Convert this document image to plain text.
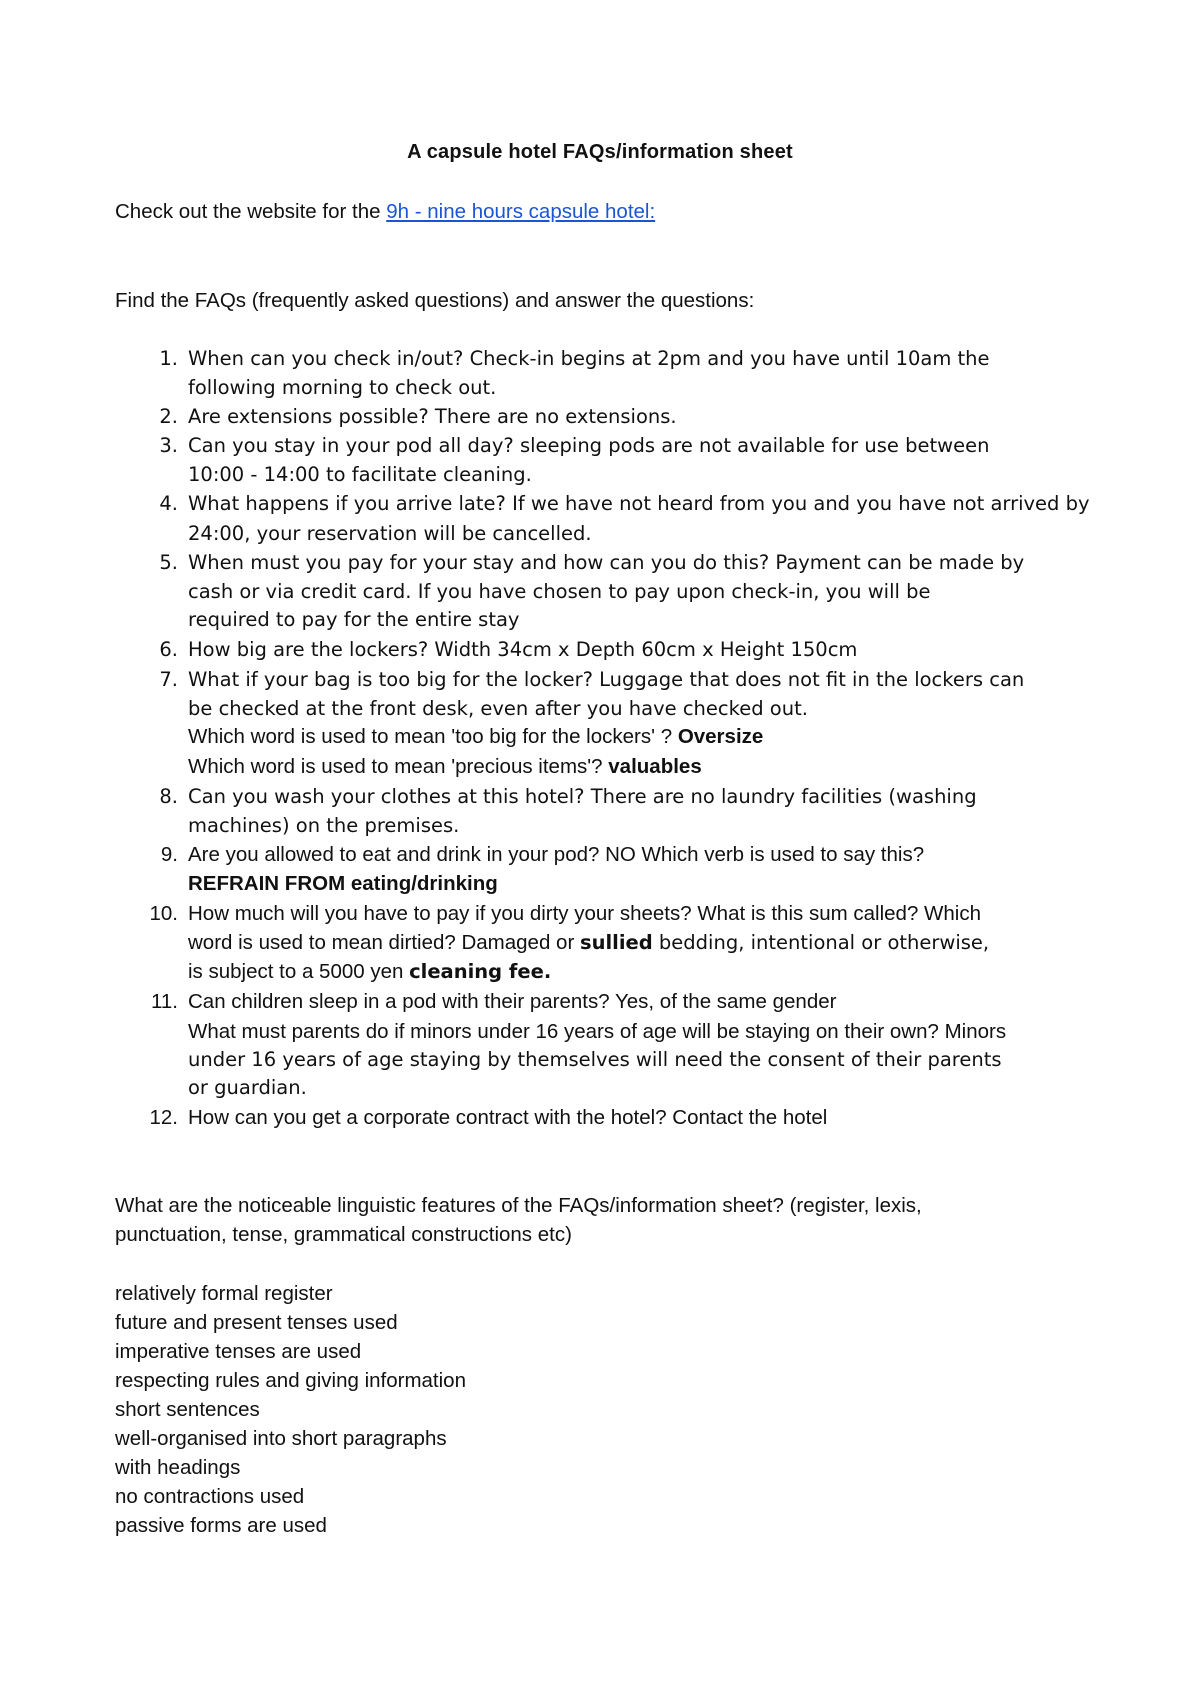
A capsule hotel FAQs/information sheet
Check out the website for the 9h - nine hours capsule hotel:
Find the FAQs (frequently asked questions) and answer the questions:
1. When can you check in/out? Check-in begins at 2pm and you have until 10am the
following morning to check out.
2. Are extensions possible? There are no extensions.
3. Can you stay in your pod all day? sleeping pods are not available for use between
10:00 - 14:00 to facilitate cleaning.
4. What happens if you arrive late? If we have not heard from you and you have not arrived by
24:00, your reservation will be cancelled.
5. When must you pay for your stay and how can you do this? Payment can be made by
cash or via credit card. If you have chosen to pay upon check-in, you will be
required to pay for the entire stay
6. How big are the lockers? Width 34cm x Depth 60cm x Height 150cm
7. What if your bag is too big for the locker? Luggage that does not fit in the lockers can
be checked at the front desk, even after you have checked out.
Which word is used to mean 'too big for the lockers' ? Oversize
Which word is used to mean 'precious items'? valuables
8. Can you wash your clothes at this hotel? There are no laundry facilities (washing
machines) on the premises.
9. Are you allowed to eat and drink in your pod? NO Which verb is used to say this?
REFRAIN FROM eating/drinking
10. How much will you have to pay if you dirty your sheets? What is this sum called? Which
word is used to mean dirtied? Damaged or sullied bedding, intentional or otherwise,
is subject to a 5000 yen cleaning fee.
11. Can children sleep in a pod with their parents? Yes, of the same gender
What must parents do if minors under 16 years of age will be staying on their own? Minors
under 16 years of age staying by themselves will need the consent of their parents
or guardian.
12. How can you get a corporate contract with the hotel? Contact the hotel
What are the noticeable linguistic features of the FAQs/information sheet? (register, lexis,
punctuation, tense, grammatical constructions etc)
relatively formal register
future and present tenses used
imperative tenses are used
respecting rules and giving information
short sentences
well-organised into short paragraphs
with headings
no contractions used
passive forms are used
